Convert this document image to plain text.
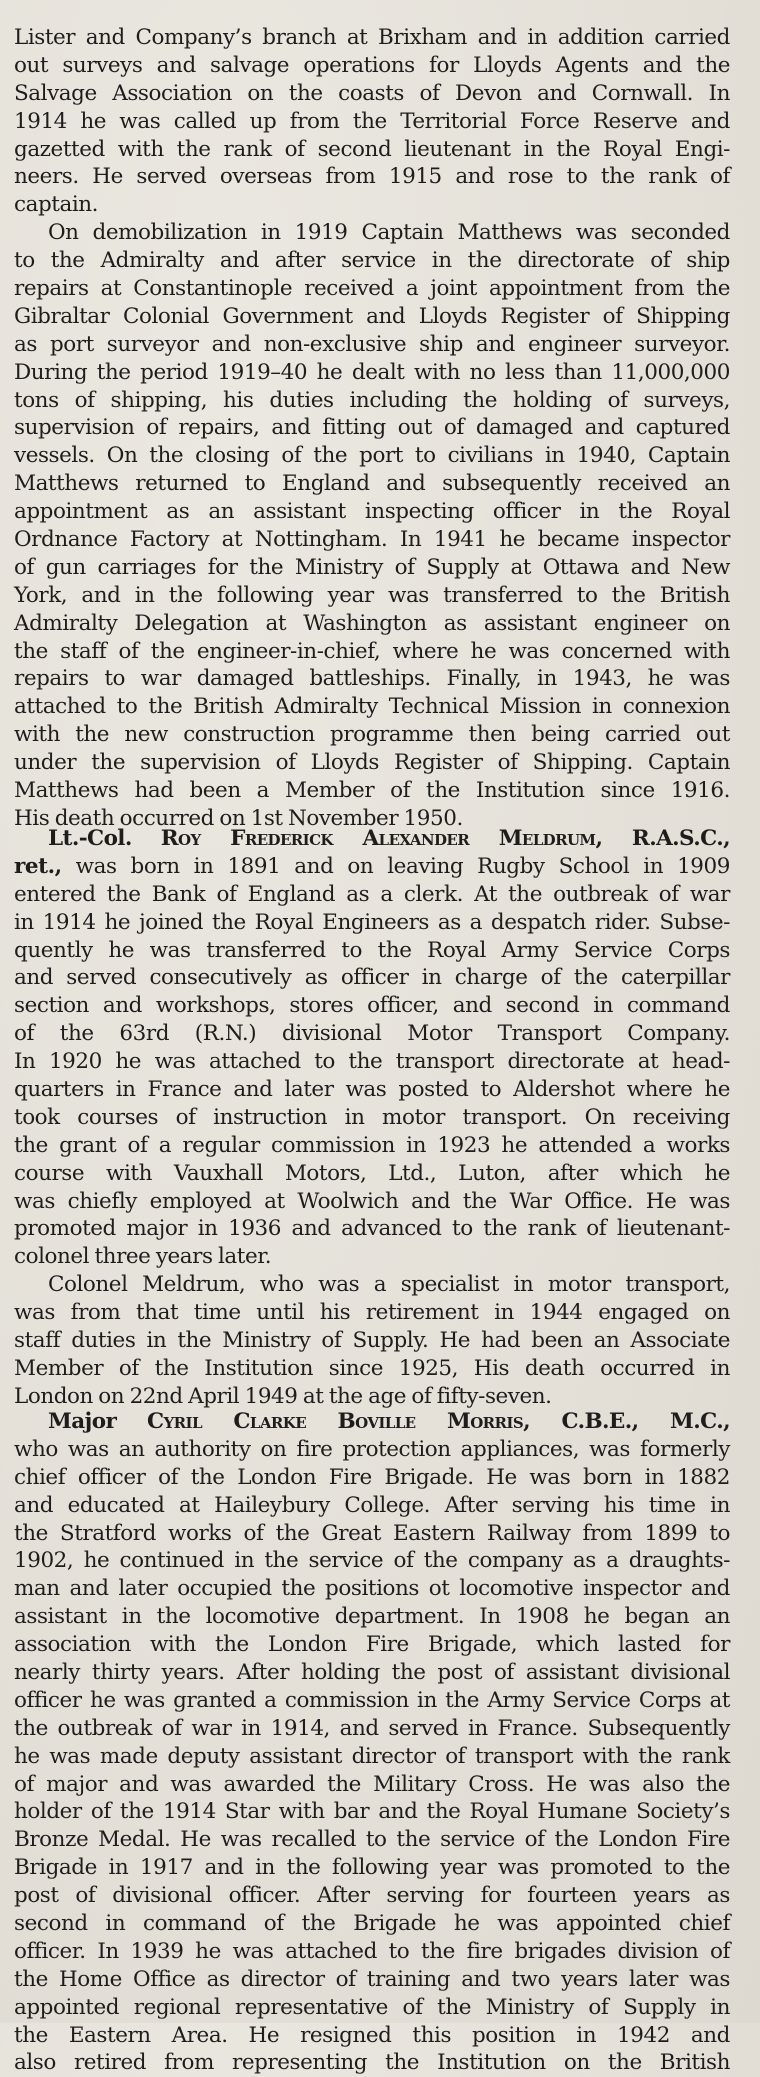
Lister and Company’s branch at Brixham and in addition carried
out surveys and salvage operations for Lloyds Agents and the
Salvage Association on the coasts of Devon and Cornwall. In
1914 he was called up from the Territorial Force Reserve and
gazetted with the rank of second lieutenant in the Royal Engi-
neers. He served overseas from 1915 and rose to the rank of
captain.
On demobilization in 1919 Captain Matthews was seconded
to the Admiralty and after service in the directorate of ship
repairs at Constantinople received a joint appointment from the
Gibraltar Colonial Government and Lloyds Register of Shipping
as port surveyor and non-exclusive ship and engineer surveyor.
During the period 1919–40 he dealt with no less than 11,000,000
tons of shipping, his duties including the holding of surveys,
supervision of repairs, and fitting out of damaged and captured
vessels. On the closing of the port to civilians in 1940, Captain
Matthews returned to England and subsequently received an
appointment as an assistant inspecting officer in the Royal
Ordnance Factory at Nottingham. In 1941 he became inspector
of gun carriages for the Ministry of Supply at Ottawa and New
York, and in the following year was transferred to the British
Admiralty Delegation at Washington as assistant engineer on
the staff of the engineer-in-chief, where he was concerned with
repairs to war damaged battleships. Finally, in 1943, he was
attached to the British Admiralty Technical Mission in connexion
with the new construction programme then being carried out
under the supervision of Lloyds Register of Shipping. Captain
Matthews had been a Member of the Institution since 1916.
His death occurred on 1st November 1950.
Lt.-Col. Roy Frederick Alexander Meldrum, R.A.S.C.,
ret., was born in 1891 and on leaving Rugby School in 1909
entered the Bank of England as a clerk. At the outbreak of war
in 1914 he joined the Royal Engineers as a despatch rider. Subse-
quently he was transferred to the Royal Army Service Corps
and served consecutively as officer in charge of the caterpillar
section and workshops, stores officer, and second in command
of the 63rd (R.N.) divisional Motor Transport Company.
In 1920 he was attached to the transport directorate at head-
quarters in France and later was posted to Aldershot where he
took courses of instruction in motor transport. On receiving
the grant of a regular commission in 1923 he attended a works
course with Vauxhall Motors, Ltd., Luton, after which he
was chiefly employed at Woolwich and the War Office. He was
promoted major in 1936 and advanced to the rank of lieutenant-
colonel three years later.
Colonel Meldrum, who was a specialist in motor transport,
was from that time until his retirement in 1944 engaged on
staff duties in the Ministry of Supply. He had been an Associate
Member of the Institution since 1925, His death occurred in
London on 22nd April 1949 at the age of fifty-seven.
Major Cyril Clarke Boville Morris, C.B.E., M.C.,
who was an authority on fire protection appliances, was formerly
chief officer of the London Fire Brigade. He was born in 1882
and educated at Haileybury College. After serving his time in
the Stratford works of the Great Eastern Railway from 1899 to
1902, he continued in the service of the company as a draughts-
man and later occupied the positions ot locomotive inspector and
assistant in the locomotive department. In 1908 he began an
association with the London Fire Brigade, which lasted for
nearly thirty years. After holding the post of assistant divisional
officer he was granted a commission in the Army Service Corps at
the outbreak of war in 1914, and served in France. Subsequently
he was made deputy assistant director of transport with the rank
of major and was awarded the Military Cross. He was also the
holder of the 1914 Star with bar and the Royal Humane Society’s
Bronze Medal. He was recalled to the service of the London Fire
Brigade in 1917 and in the following year was promoted to the
post of divisional officer. After serving for fourteen years as
second in command of the Brigade he was appointed chief
officer. In 1939 he was attached to the fire brigades division of
the Home Office as director of training and two years later was
appointed regional representative of the Ministry of Supply in
the Eastern Area. He resigned this position in 1942 and
also retired from representing the Institution on the British
